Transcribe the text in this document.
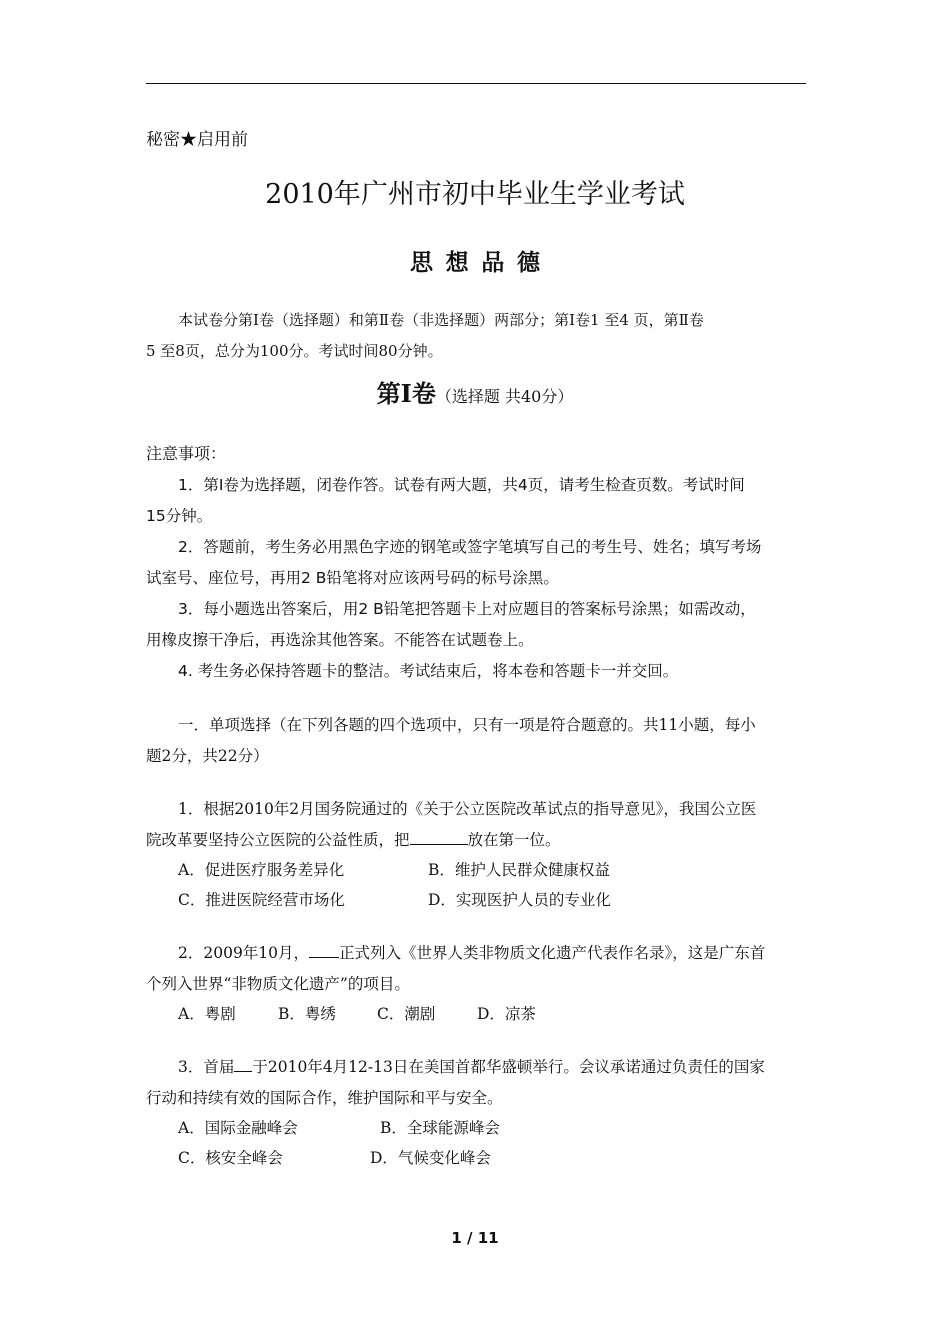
秘密★启用前
2010年广州市初中毕业生学业考试
思想品德
本试卷分第Ⅰ卷（选择题）和第Ⅱ卷（非选择题）两部分；第Ⅰ卷1 至4 页，第Ⅱ卷
5 至8页，总分为100分。考试时间80分钟。
第Ⅰ卷（选择题 共40分）
注意事项：
1．第Ⅰ卷为选择题，闭卷作答。试卷有两大题，共4页，请考生检查页数。考试时间
15分钟。
2．答题前，考生务必用黑色字迹的钢笔或签字笔填写自己的考生号、姓名；填写考场
试室号、座位号，再用2 B铅笔将对应该两号码的标号涂黑。
3．每小题选出答案后，用2 B铅笔把答题卡上对应题目的答案标号涂黑；如需改动，
用橡皮擦干净后，再选涂其他答案。不能答在试题卷上。
4. 考生务必保持答题卡的整洁。考试结束后，将本卷和答题卡一并交回。
一．单项选择（在下列各题的四个选项中，只有一项是符合题意的。共11小题，每小
题2分，共22分）
1．根据2010年2月国务院通过的《关于公立医院改革试点的指导意见》，我国公立医
院改革要坚持公立医院的公益性质，把	放在第一位。
A．促进医疗服务差异化	B．维护人民群众健康权益
C．推进医院经营市场化	D．实现医护人员的专业化
2．2009年10月， 正式列入《世界人类非物质文化遗产代表作名录》，这是广东首
个列入世界“非物质文化遗产”的项目。
A．粤剧	B．粤绣	C．潮剧	D．凉茶
3．首届 于2010年4月12-13日在美国首都华盛顿举行。会议承诺通过负责任的国家
行动和持续有效的国际合作，维护国际和平与安全。
A．国际金融峰会	B．全球能源峰会
C．核安全峰会	D．气候变化峰会
1 / 11
